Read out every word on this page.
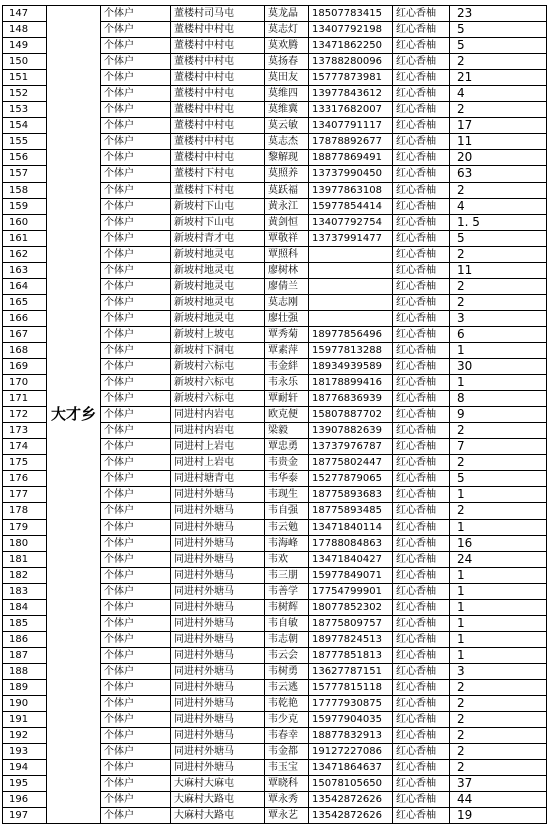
147	大才乡	个体户	董楼村司马屯	莫龙晶	18507783415	红心香柚	23
148		个体户	董楼村中村屯	莫志灯	13407792198	红心香柚	5
149		个体户	董楼村中村屯	莫欢腾	13471862250	红心香柚	5
150		个体户	董楼村中村屯	莫扬春	13788280096	红心香柚	2
151		个体户	董楼村中村屯	莫田友	15777873981	红心香柚	21
152		个体户	董楼村中村屯	莫维四	13977843612	红心香柚	4
153		个体户	董楼村中村屯	莫维冀	13317682007	红心香柚	2
154		个体户	董楼村中村屯	莫云敏	13407791117	红心香柚	17
155		个体户	董楼村中村屯	莫志杰	17878892677	红心香柚	11
156		个体户	董楼村中村屯	黎解现	18877869491	红心香柚	20
157		个体户	董楼村下村屯	莫照养	13737990450	红心香柚	63
158		个体户	董楼村下村屯	莫跃福	13977863108	红心香柚	2
159		个体户	新坡村下山屯	黄永江	15977854414	红心香柚	4
160		个体户	新坡村下山屯	黄剑恒	13407792754	红心香柚	1. 5
161		个体户	新坡村青才屯	覃敬祥	13737991477	红心香柚	5
162		个体户	新坡村地灵屯	覃照科		红心香柚	2
163		个体户	新坡村地灵屯	廖树林		红心香柚	11
164		个体户	新坡村地灵屯	廖倩兰		红心香柚	2
165		个体户	新坡村地灵屯	莫志刚		红心香柚	2
166		个体户	新坡村地灵屯	廖壮强		红心香柚	3
167		个体户	新坡村上坡屯	覃秀菊	18977856496	红心香柚	6
168		个体户	新坡村下洞屯	覃素萍	15977813288	红心香柚	1
169		个体户	新坡村六标屯	韦金絆	18934939589	红心香柚	30
170		个体户	新坡村六标屯	韦永乐	18178899416	红心香柚	1
171		个体户	新坡村六标屯	覃耐轩	18776836939	红心香柚	8
172		个体户	同进村内岩屯	欧克便	15807887702	红心香柚	9
173		个体户	同进村内岩屯	梁毅	13907882639	红心香柚	2
174		个体户	同进村上岩屯	覃忠勇	13737976787	红心香柚	7
175		个体户	同进村上岩屯	韦贵金	18775802447	红心香柚	2
176		个体户	同进村塘青屯	韦华泰	15277879065	红心香柚	5
177		个体户	同进村外塘马	韦现生	18775893683	红心香柚	1
178		个体户	同进村外塘马	韦自强	18775893485	红心香柚	2
179		个体户	同进村外塘马	韦云勉	13471840114	红心香柚	1
180		个体户	同进村外塘马	韦海峰	17788084863	红心香柚	16
181		个体户	同进村外塘马	韦欢	13471840427	红心香柚	24
182		个体户	同进村外塘马	韦三朋	15977849071	红心香柚	1
183		个体户	同进村外塘马	韦善学	17754799901	红心香柚	1
184		个体户	同进村外塘马	韦树辉	18077852302	红心香柚	1
185		个体户	同进村外塘马	韦自敏	18775809757	红心香柚	1
186		个体户	同进村外塘马	韦志朝	18977824513	红心香柚	1
187		个体户	同进村外塘马	韦云会	18777851813	红心香柚	1
188		个体户	同进村外塘马	韦树勇	13627787151	红心香柚	3
189		个体户	同进村外塘马	韦云逃	15777815118	红心香柚	2
190		个体户	同进村外塘马	韦乾艳	17777930875	红心香柚	2
191		个体户	同进村外塘马	韦少克	15977904035	红心香柚	2
192		个体户	同进村外塘马	韦春幸	18877832913	红心香柚	2
193		个体户	同进村外塘马	韦金都	19127227086	红心香柚	2
194		个体户	同进村外塘马	韦玉宝	13471864637	红心香柚	2
195		个体户	大麻村大麻屯	覃晓科	15078105650	红心香柚	37
196		个体户	大麻村大路屯	覃永秀	13542872626	红心香柚	44
197		个体户	大麻村大路屯	覃永艺	13542872626	红心香柚	19
